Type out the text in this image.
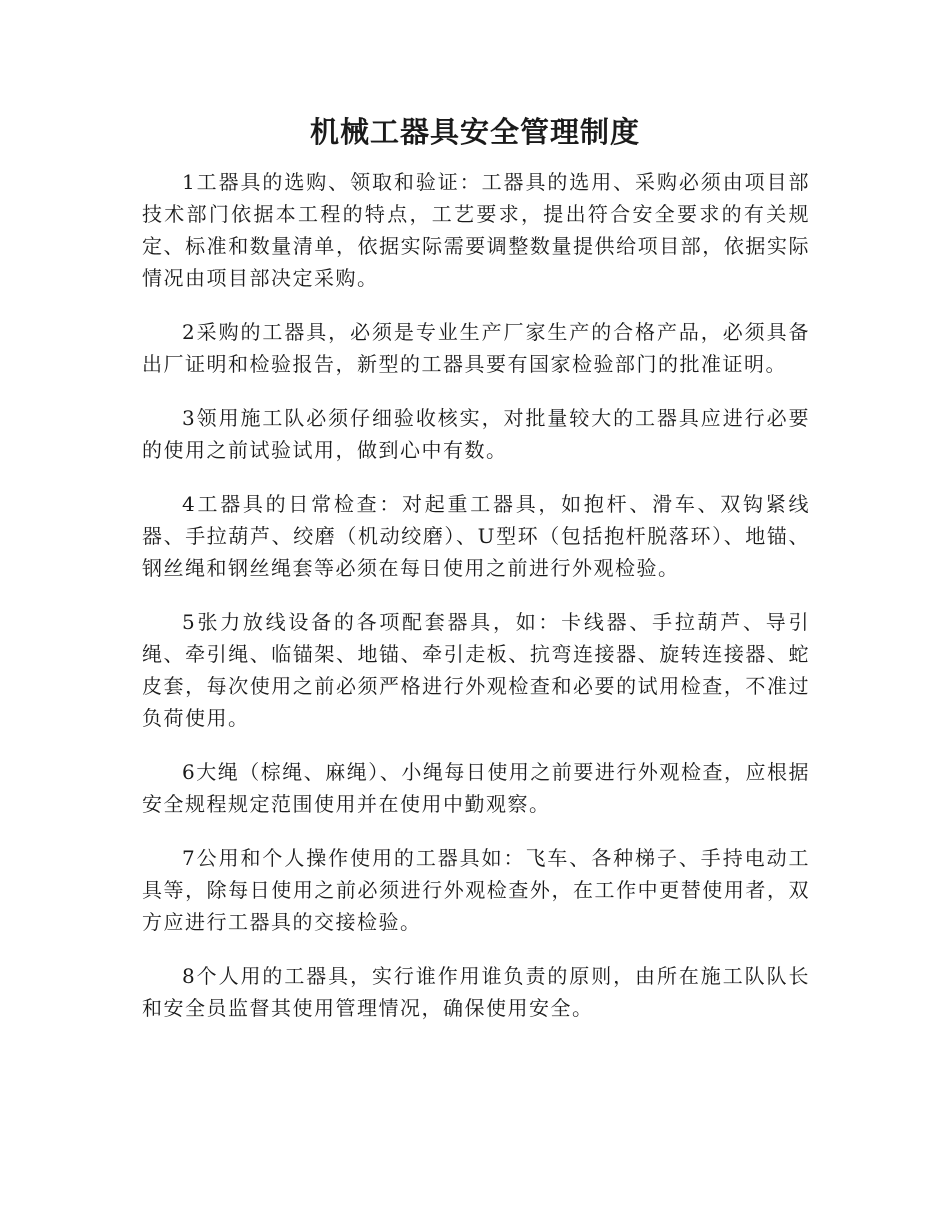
机械工器具安全管理制度

1工器具的选购、领取和验证：工器具的选用、采购必须由项目部技术部门依据本工程的特点，工艺要求，提出符合安全要求的有关规定、标准和数量清单，依据实际需要调整数量提供给项目部，依据实际情况由项目部决定采购。

2采购的工器具，必须是专业生产厂家生产的合格产品，必须具备出厂证明和检验报告，新型的工器具要有国家检验部门的批准证明。

3领用施工队必须仔细验收核实，对批量较大的工器具应进行必要的使用之前试验试用，做到心中有数。

4工器具的日常检查：对起重工器具，如抱杆、滑车、双钩紧线器、手拉葫芦、绞磨（机动绞磨）、U型环（包括抱杆脱落环）、地锚、钢丝绳和钢丝绳套等必须在每日使用之前进行外观检验。

5张力放线设备的各项配套器具，如：卡线器、手拉葫芦、导引绳、牵引绳、临锚架、地锚、牵引走板、抗弯连接器、旋转连接器、蛇皮套，每次使用之前必须严格进行外观检查和必要的试用检查，不准过负荷使用。

6大绳（棕绳、麻绳）、小绳每日使用之前要进行外观检查，应根据安全规程规定范围使用并在使用中勤观察。

7公用和个人操作使用的工器具如：飞车、各种梯子、手持电动工具等，除每日使用之前必须进行外观检查外，在工作中更替使用者，双方应进行工器具的交接检验。

8个人用的工器具，实行谁作用谁负责的原则，由所在施工队队长和安全员监督其使用管理情况，确保使用安全。
